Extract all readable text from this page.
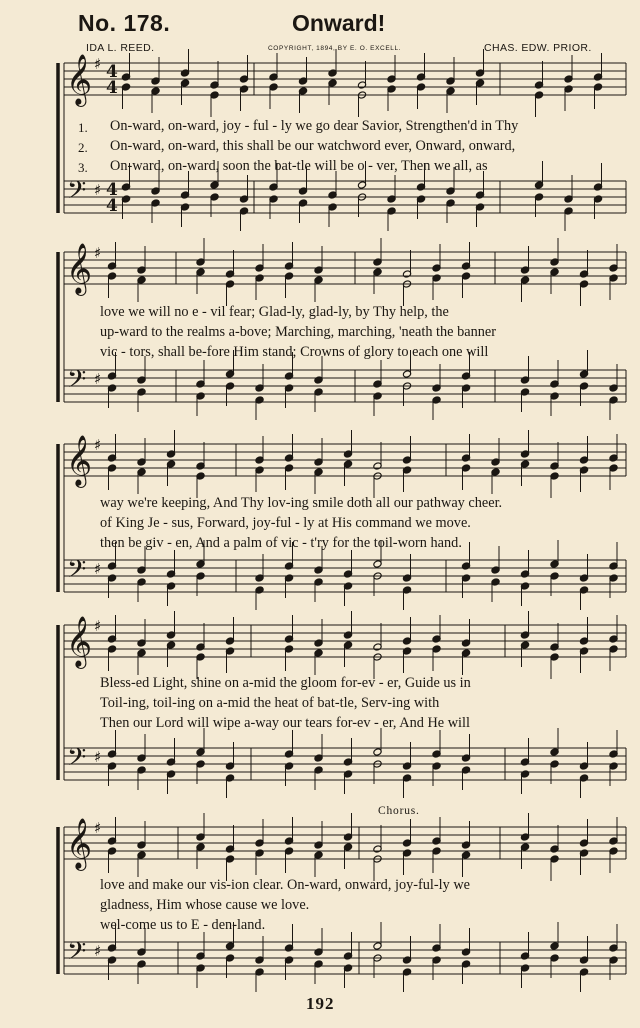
No. 178.	Onward!
IDA L. REED.	COPYRIGHT, 1894, BY E. O. EXCELL.	CHAS. EDW. PRIOR.
𝄞
𝄢
♯
♯
4
4
4
4
𝄞
𝄢
♯
♯
𝄞
𝄢
♯
♯
𝄞
𝄢
♯
♯
𝄞
𝄢
♯
♯
1.
2.
3.
On-ward, on-ward, joy - ful - ly we go dear Savior, Strengthen'd in Thy
On-ward, on-ward, this shall be our watchword ever, Onward, onward,
On-ward, on-ward, soon the bat-tle will be o - ver, Then we all, as
love we will no e - vil fear; Glad-ly, glad-ly, by Thy help, the
up-ward to the realms a-bove; Marching, marching, 'neath the banner
vic - tors, shall be-fore Him stand; Crowns of glory to each one will
way we're keeping, And Thy lov-ing smile doth all our pathway cheer.
of King Je - sus, Forward, joy-ful - ly at His command we move.
then be giv - en, And a palm of vic - t'ry for the toil-worn hand.
Bless-ed Light, shine on a-mid the gloom for-ev - er, Guide us in
Toil-ing, toil-ing on a-mid the heat of bat-tle, Serv-ing with
Then our Lord will wipe a-way our tears for-ev - er, And He will
Chorus.
love and make our vis-ion clear. On-ward, onward, joy-ful-ly we
gladness, Him whose cause we love.
wel-come us to E - den-land.
192
